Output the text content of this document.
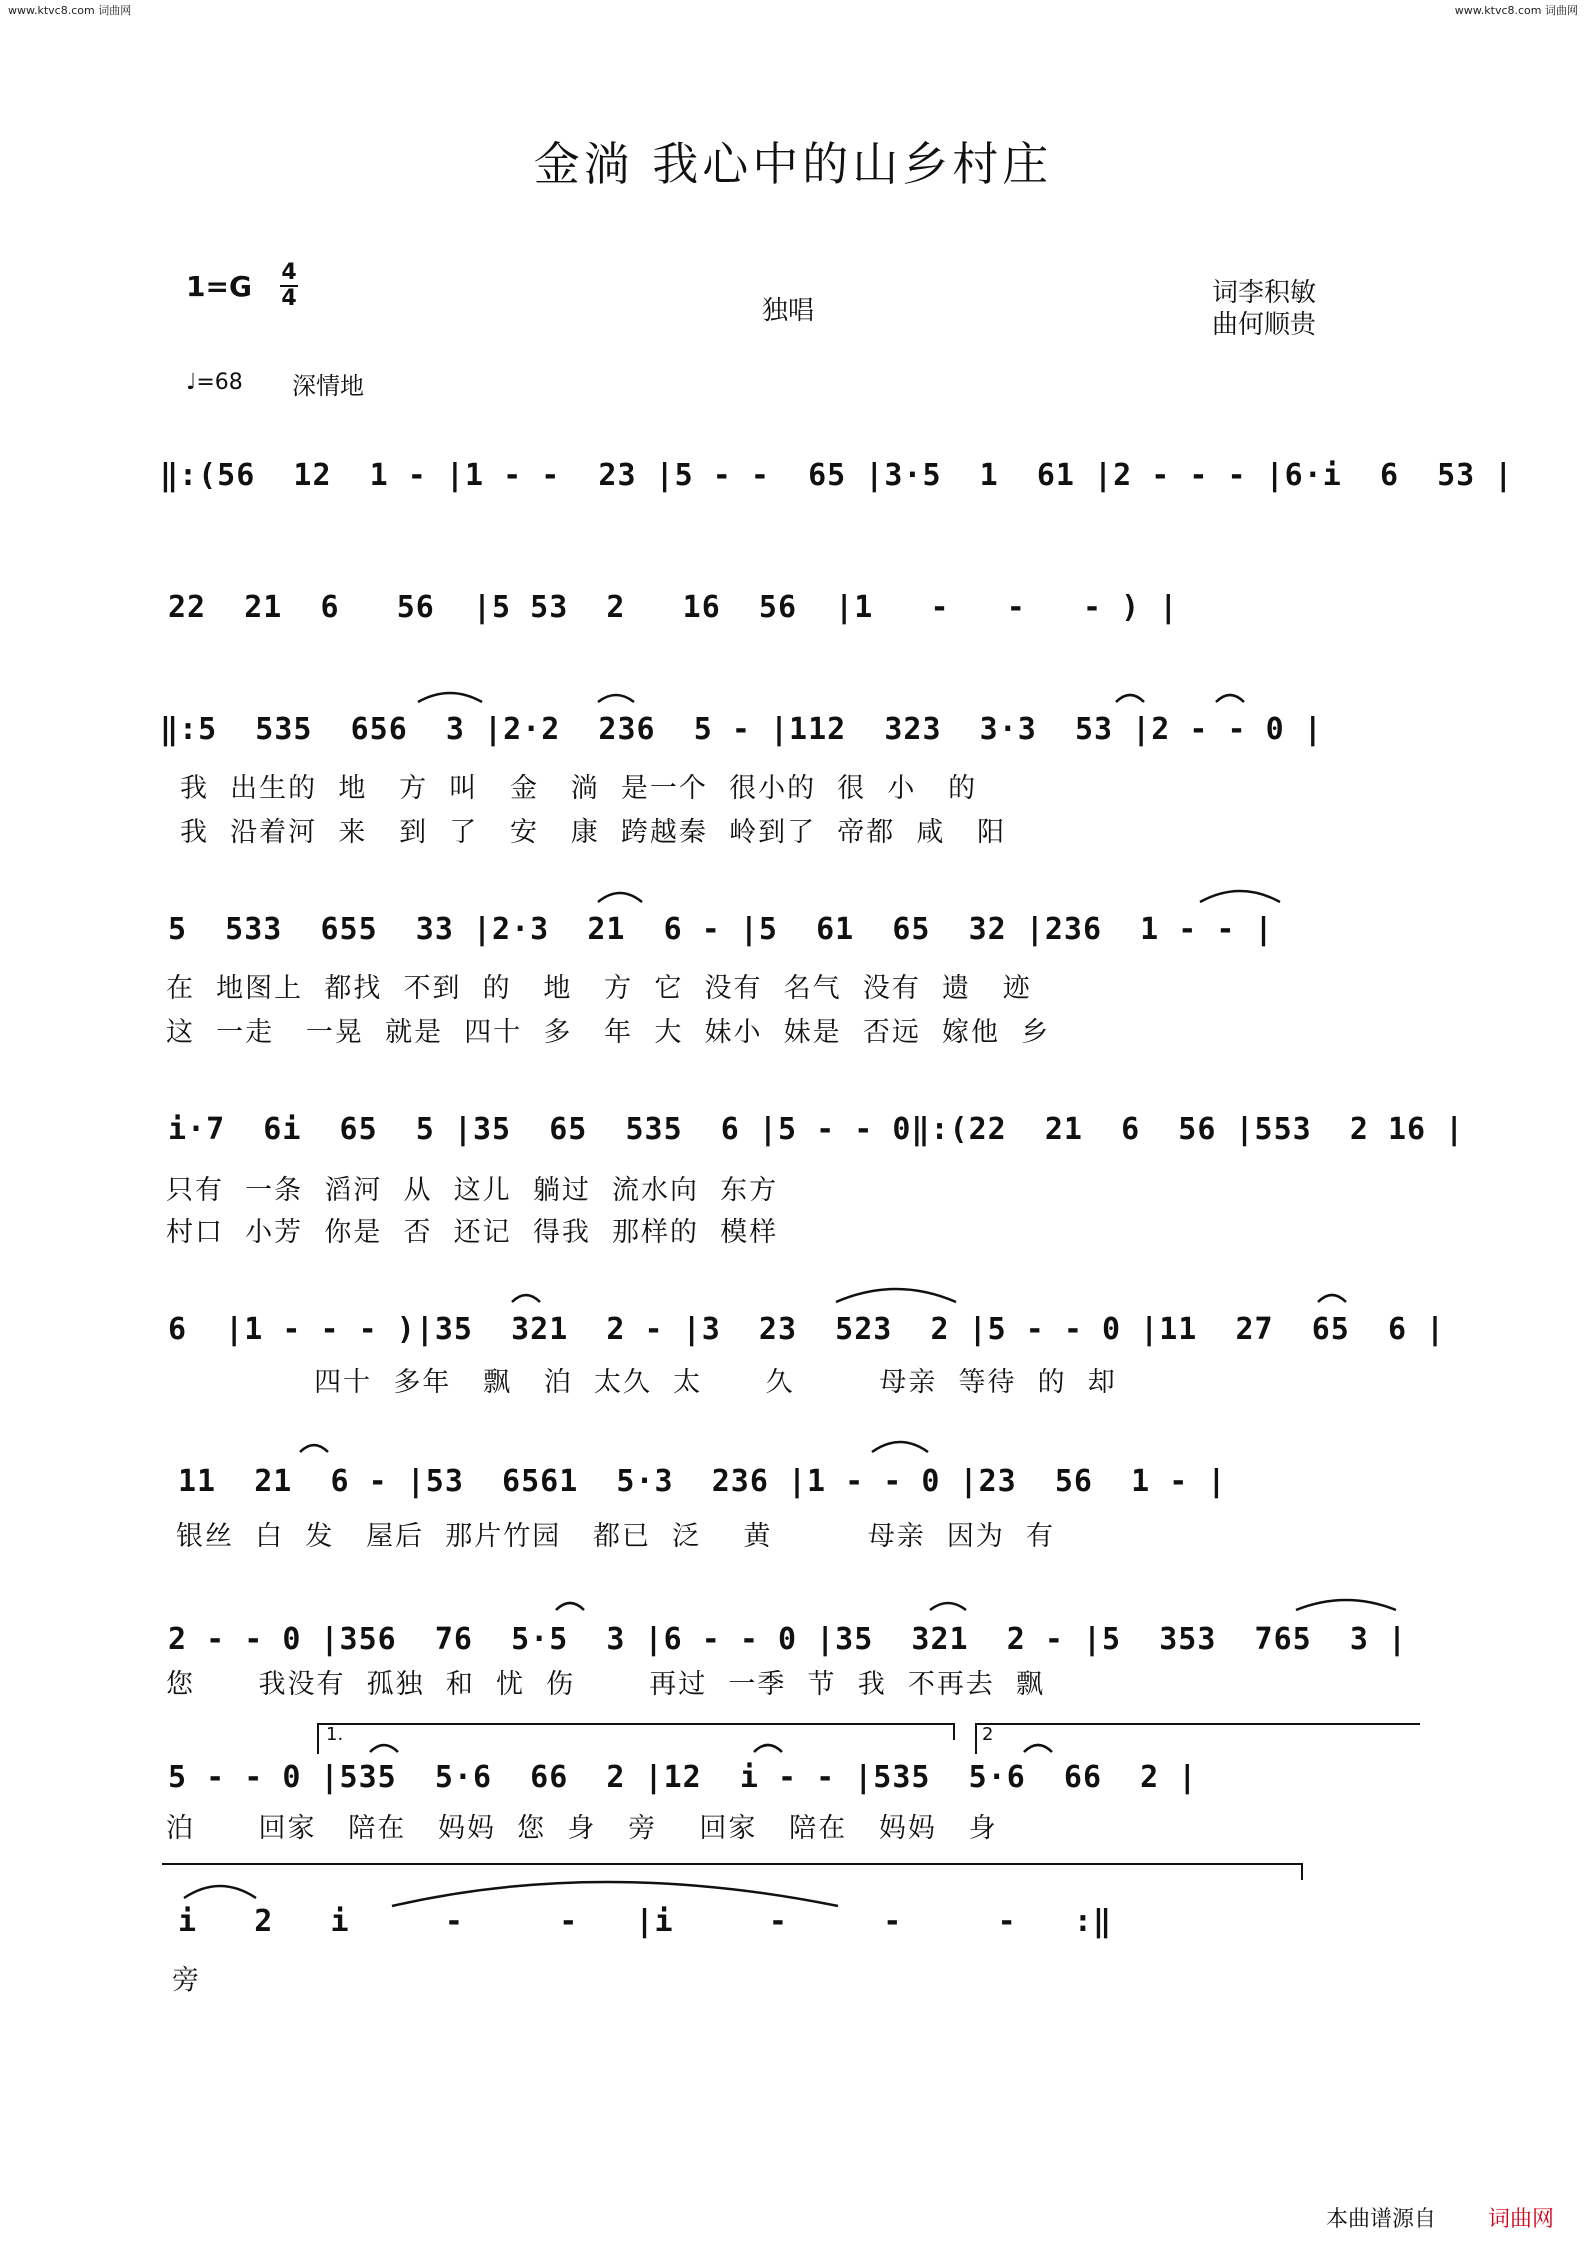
www.ktvc8.com 词曲网	www.ktvc8.com 词曲网
金淌 我心中的山乡村庄
1=G 4
4	独唱
词李积敏
曲何顺贵
♩=68 深情地
‖:(56  12  1 - |1 - -  23 |5 - -  65 |3·5  1  61 |2 - - - |6·i  6  53 |
22  21  6   56  |5 53  2   16  56  |1   -   -   - ) |
‖:5  535  656  3 |2·2  236  5 - |112  323  3·3  53 |2 - - 0 |
我  出生的  地   方  叫   金   淌  是一个  很小的  很  小   的
我  沿着河  来   到  了   安   康  跨越秦  岭到了  帝都  咸   阳
5  533  655  33 |2·3  21  6 - |5  61  65  32 |236  1 - - |
在  地图上  都找  不到  的   地   方  它  没有  名气  没有  遗   迹
这  一走   一晃  就是  四十  多   年  大  妹小  妹是  否远  嫁他  乡
i·7  6i  65  5 |35  65  535  6 |5 - - 0‖:(22  21  6  56 |553  2 16 |
只有  一条  滔河  从  这儿  躺过  流水向  东方
村口  小芳  你是  否  还记  得我  那样的  模样
6  |1 - - - )|35  321  2 - |3  23  523  2 |5 - - 0 |11  27  65  6 |
四十  多年   飘   泊  太久  太      久        母亲  等待  的  却
11  21  6 - |53  6561  5·3  236 |1 - - 0 |23  56  1 - |
银丝  白  发   屋后  那片竹园   都已  泛    黄         母亲  因为  有
2 - - 0 |356  76  5·5  3 |6 - - 0 |35  321  2 - |5  353  765  3 |
您      我没有  孤独  和  忧  伤       再过  一季  节  我  不再去  飘
1.	2
5 - - 0 |535  5·6  66  2 |12  i - - |535  5·6  66  2 |
泊      回家   陪在   妈妈  您  身   旁    回家   陪在   妈妈   身
i   2   i     -     -   |i     -     -     -   :‖
旁
本曲谱源自 词曲网
